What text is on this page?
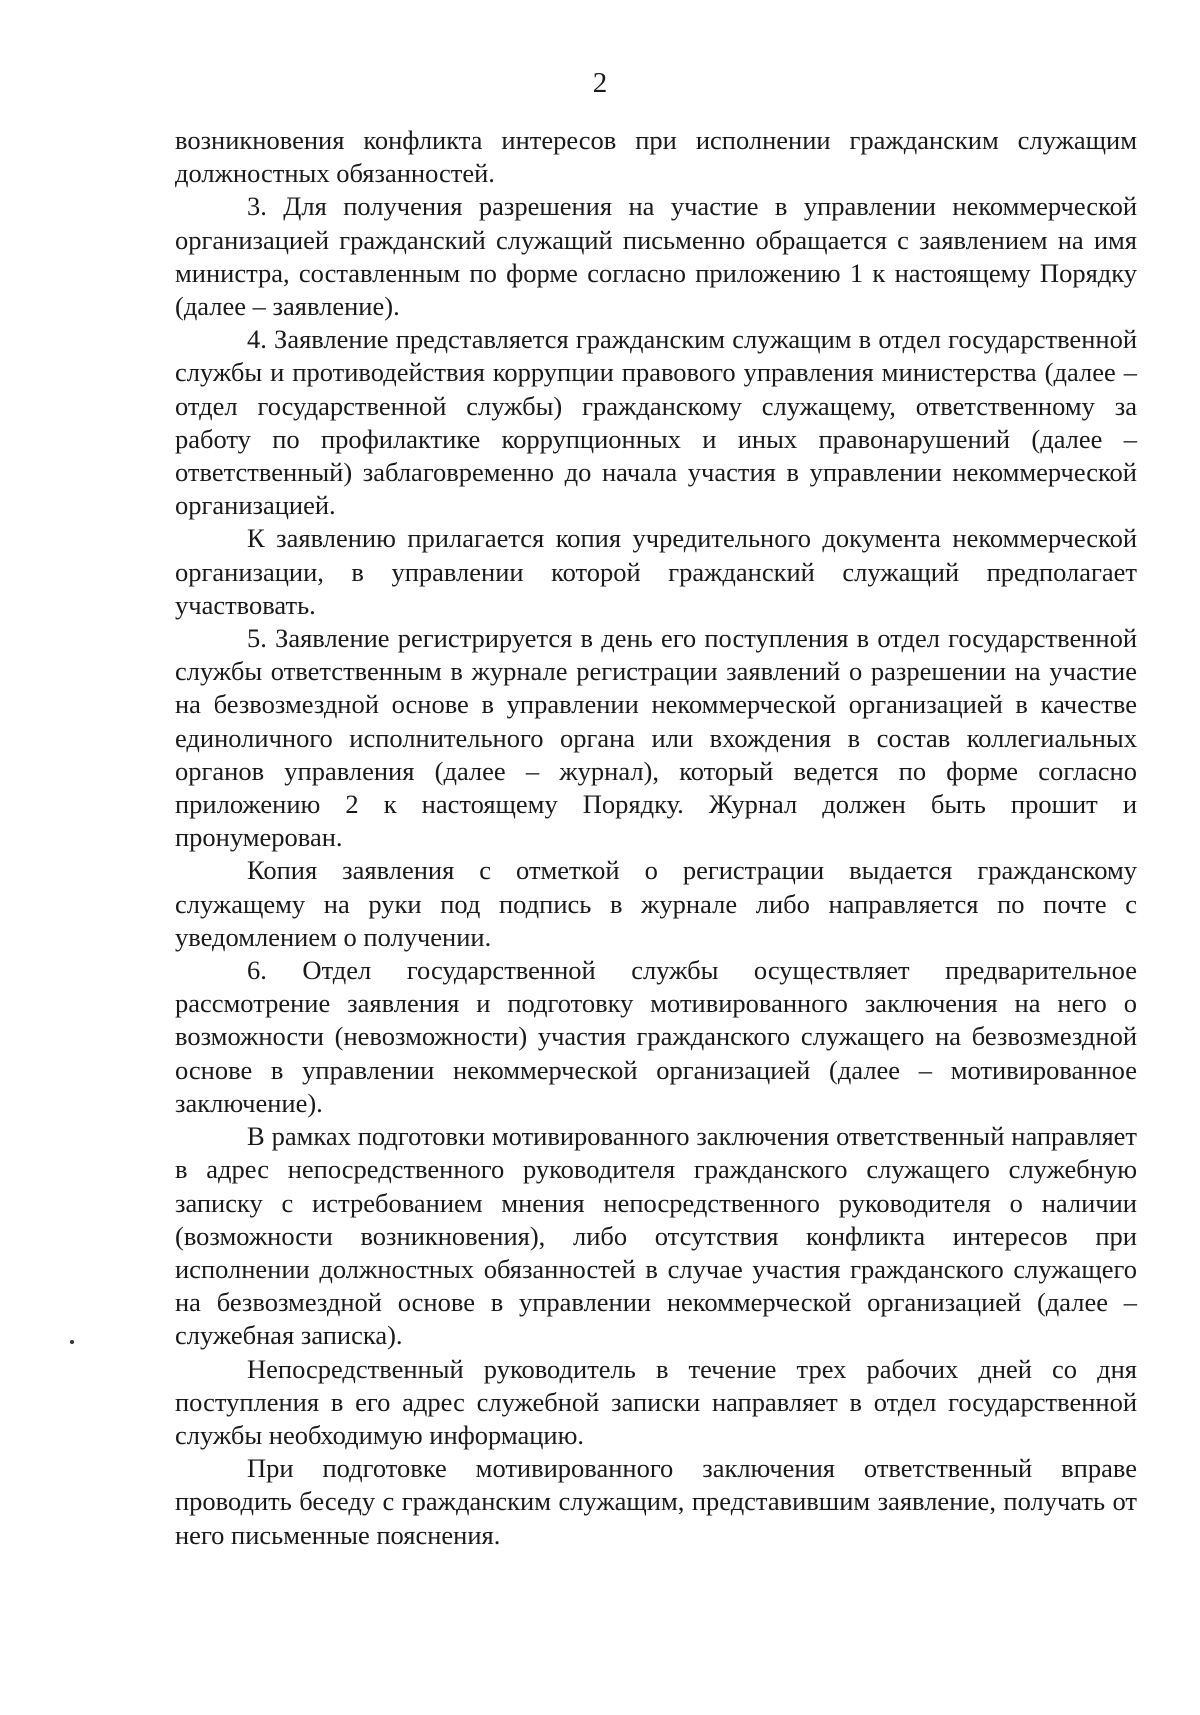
2

возникновения конфликта интересов при исполнении гражданским служащим должностных обязанностей.

3. Для получения разрешения на участие в управлении некоммерческой организацией гражданский служащий письменно обращается с заявлением на имя министра, составленным по форме согласно приложению 1 к настоящему Порядку (далее – заявление).

4. Заявление представляется гражданским служащим в отдел государственной службы и противодействия коррупции правового управления министерства (далее – отдел государственной службы) гражданскому служащему, ответственному за работу по профилактике коррупционных и иных правонарушений (далее – ответственный) заблаговременно до начала участия в управлении некоммерческой организацией.

К заявлению прилагается копия учредительного документа некоммерческой организации, в управлении которой гражданский служащий предполагает участвовать.

5. Заявление регистрируется в день его поступления в отдел государственной службы ответственным в журнале регистрации заявлений о разрешении на участие на безвозмездной основе в управлении некоммерческой организацией в качестве единоличного исполнительного органа или вхождения в состав коллегиальных органов управления (далее – журнал), который ведется по форме согласно приложению 2 к настоящему Порядку. Журнал должен быть прошит и пронумерован.

Копия заявления с отметкой о регистрации выдается гражданскому служащему на руки под подпись в журнале либо направляется по почте с уведомлением о получении.

6. Отдел государственной службы осуществляет предварительное рассмотрение заявления и подготовку мотивированного заключения на него о возможности (невозможности) участия гражданского служащего на безвозмездной основе в управлении некоммерческой организацией (далее – мотивированное заключение).

В рамках подготовки мотивированного заключения ответственный направляет в адрес непосредственного руководителя гражданского служащего служебную записку с истребованием мнения непосредственного руководителя о наличии (возможности возникновения), либо отсутствия конфликта интересов при исполнении должностных обязанностей в случае участия гражданского служащего на безвозмездной основе в управлении некоммерческой организацией (далее – служебная записка).

Непосредственный руководитель в течение трех рабочих дней со дня поступления в его адрес служебной записки направляет в отдел государственной службы необходимую информацию.

При подготовке мотивированного заключения ответственный вправе проводить беседу с гражданским служащим, представившим заявление, получать от него письменные пояснения.
